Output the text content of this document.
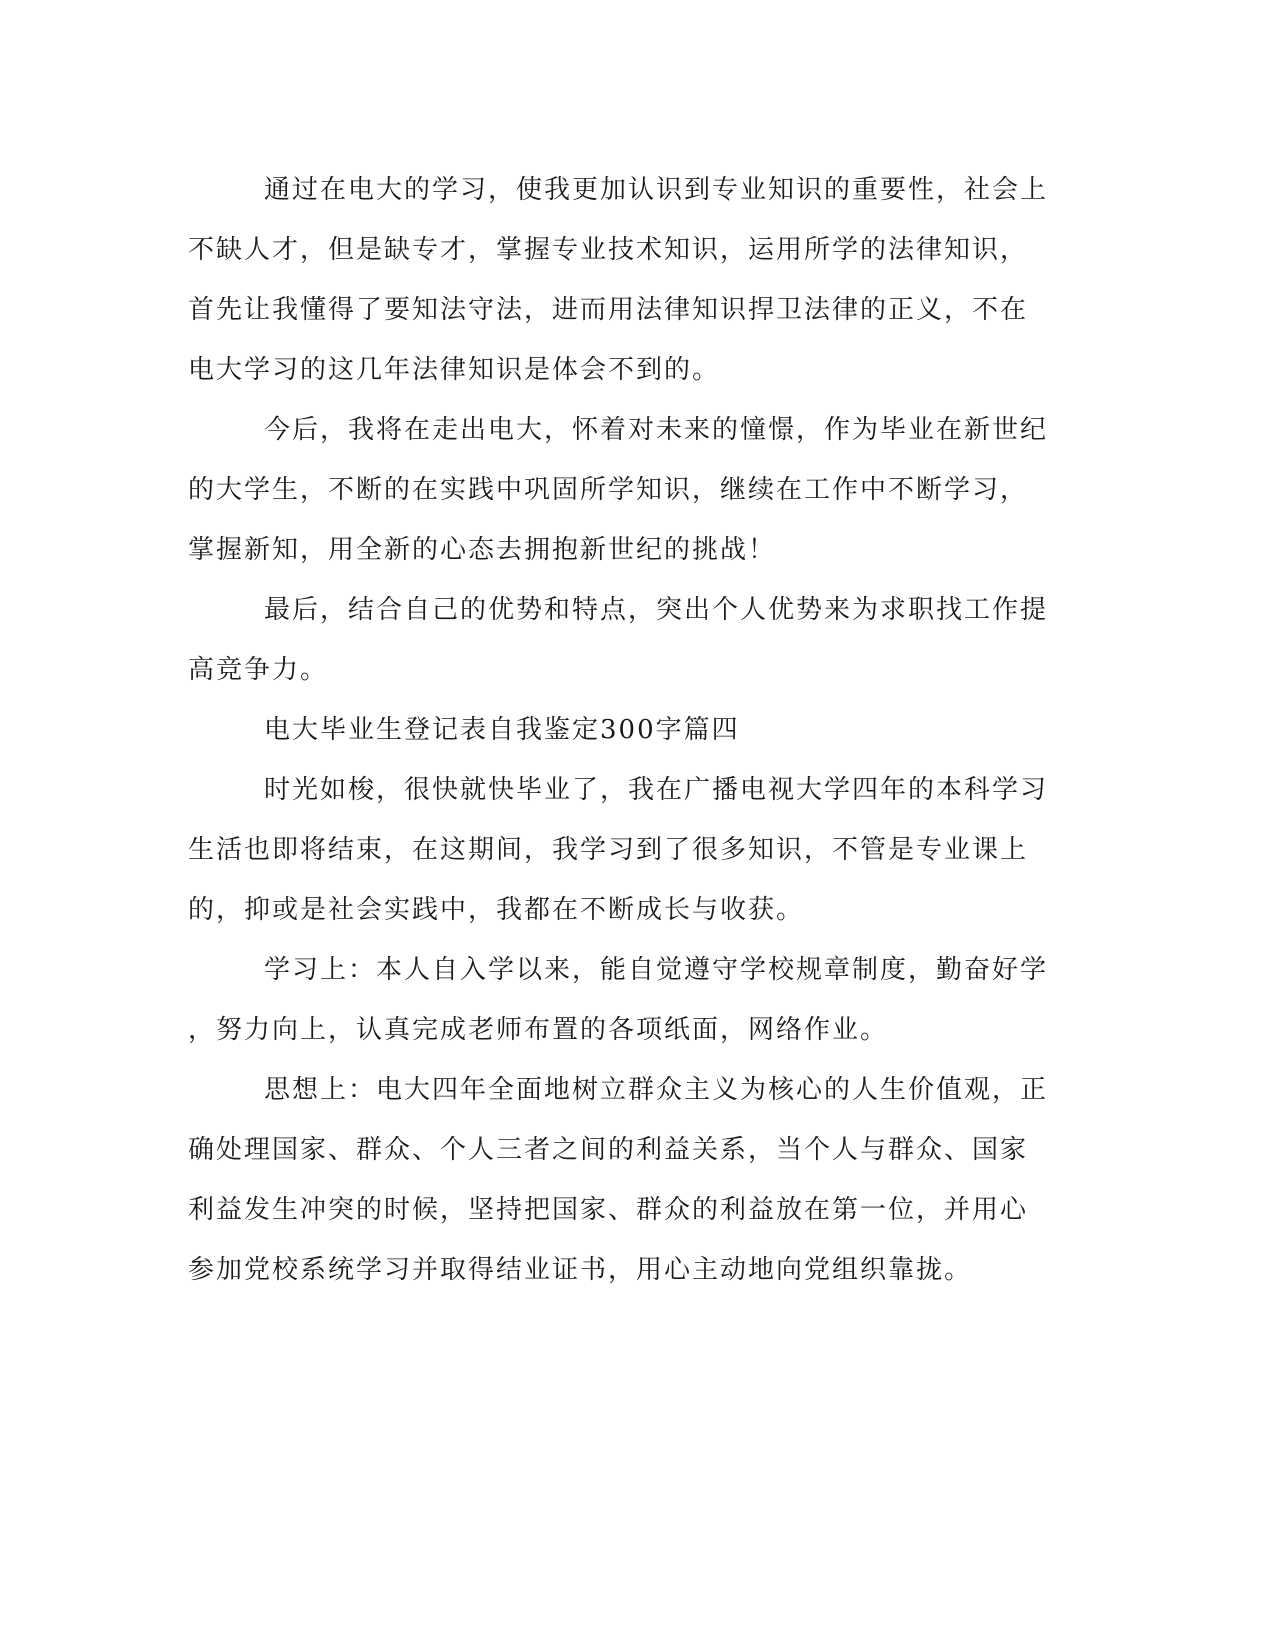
通过在电大的学习，使我更加认识到专业知识的重要性，社会上
不缺人才，但是缺专才，掌握专业技术知识，运用所学的法律知识，
首先让我懂得了要知法守法，进而用法律知识捍卫法律的正义，不在
电大学习的这几年法律知识是体会不到的。
今后，我将在走出电大，怀着对未来的憧憬，作为毕业在新世纪
的大学生，不断的在实践中巩固所学知识，继续在工作中不断学习，
掌握新知，用全新的心态去拥抱新世纪的挑战！
最后，结合自己的优势和特点，突出个人优势来为求职找工作提
高竞争力。
电大毕业生登记表自我鉴定300字篇四
时光如梭，很快就快毕业了，我在广播电视大学四年的本科学习
生活也即将结束，在这期间，我学习到了很多知识，不管是专业课上
的，抑或是社会实践中，我都在不断成长与收获。
学习上：本人自入学以来，能自觉遵守学校规章制度，勤奋好学
，努力向上，认真完成老师布置的各项纸面，网络作业。
思想上：电大四年全面地树立群众主义为核心的人生价值观，正
确处理国家、群众、个人三者之间的利益关系，当个人与群众、国家
利益发生冲突的时候，坚持把国家、群众的利益放在第一位，并用心
参加党校系统学习并取得结业证书，用心主动地向党组织靠拢。
